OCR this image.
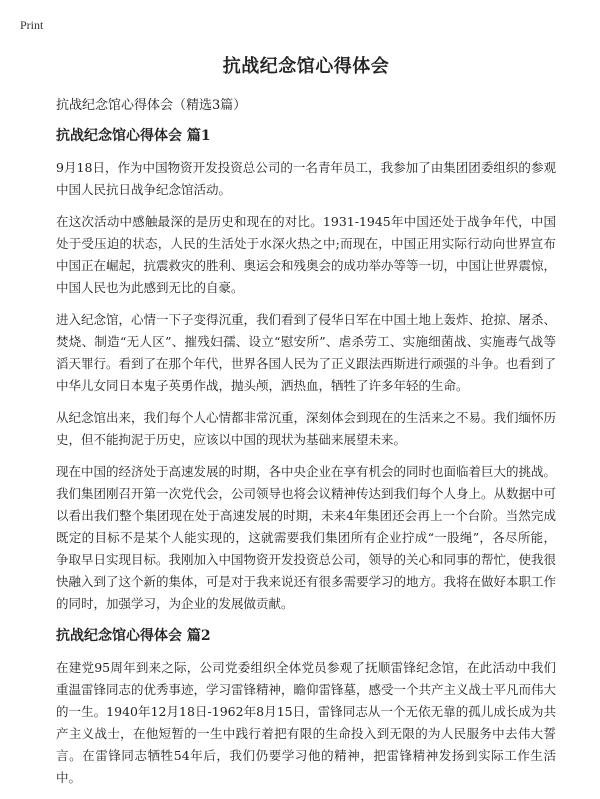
Print
抗战纪念馆心得体会

抗战纪念馆心得体会（精选3篇）

抗战纪念馆心得体会 篇1

9月18日，作为中国物资开发投资总公司的一名青年员工，我参加了由集团团委组织的参观中国人民抗日战争纪念馆活动。

在这次活动中感触最深的是历史和现在的对比。1931-1945年中国还处于战争年代，中国处于受压迫的状态，人民的生活处于水深火热之中;而现在，中国正用实际行动向世界宣布中国正在崛起，抗震救灾的胜利、奥运会和残奥会的成功举办等等一切，中国让世界震惊，中国人民也为此感到无比的自豪。

进入纪念馆，心情一下子变得沉重，我们看到了侵华日军在中国土地上轰炸、抢掠、屠杀、焚烧、制造“无人区”、摧残妇孺、设立“慰安所”、虐杀劳工、实施细菌战、实施毒气战等滔天罪行。看到了在那个年代，世界各国人民为了正义跟法西斯进行顽强的斗争。也看到了中华儿女同日本鬼子英勇作战，抛头颅，洒热血，牺牲了许多年轻的生命。

从纪念馆出来，我们每个人心情都非常沉重，深刻体会到现在的生活来之不易。我们缅怀历史，但不能拘泥于历史，应该以中国的现状为基础来展望未来。

现在中国的经济处于高速发展的时期，各中央企业在享有机会的同时也面临着巨大的挑战。我们集团刚召开第一次党代会，公司领导也将会议精神传达到我们每个人身上。从数据中可以看出我们整个集团现在处于高速发展的时期，未来4年集团还会再上一个台阶。当然完成既定的目标不是某个人能实现的，这就需要我们集团所有企业拧成“一股绳”，各尽所能，争取早日实现目标。我刚加入中国物资开发投资总公司，领导的关心和同事的帮忙，使我很快融入到了这个新的集体，可是对于我来说还有很多需要学习的地方。我将在做好本职工作的同时，加强学习，为企业的发展做贡献。

抗战纪念馆心得体会 篇2

在建党95周年到来之际，公司党委组织全体党员参观了抚顺雷锋纪念馆，在此活动中我们重温雷锋同志的优秀事迹，学习雷锋精神，瞻仰雷锋墓，感受一个共产主义战士平凡而伟大的一生。1940年12月18日-1962年8月15日，雷锋同志从一个无依无靠的孤儿成长成为共产主义战士，在他短暂的一生中践行着把有限的生命投入到无限的为人民服务中去伟大誓言。在雷锋同志牺牲54年后，我们仍要学习他的精神，把雷锋精神发扬到实际工作生活中。
